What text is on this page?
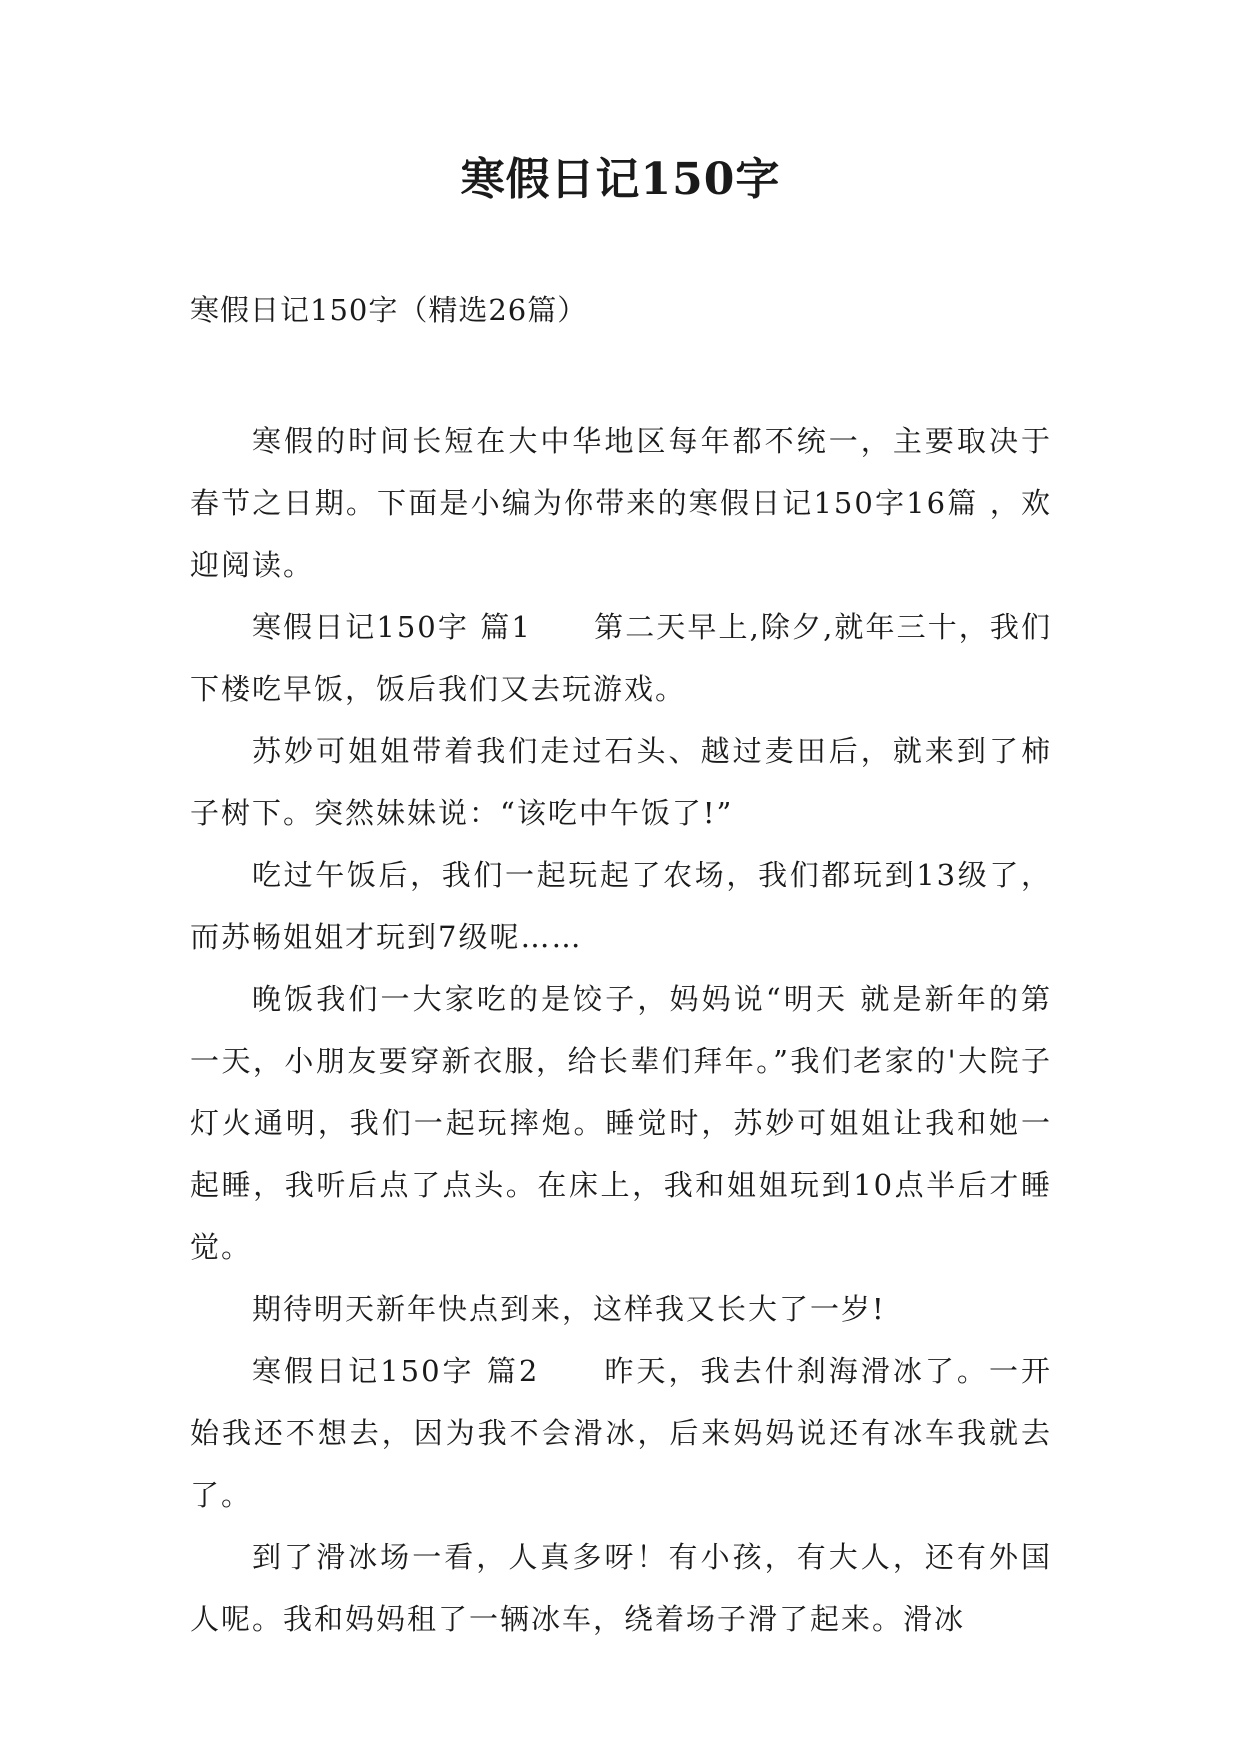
寒假日记150字

寒假日记150字（精选26篇）

寒假的时间长短在大中华地区每年都不统一，主要取决于春节之日期。下面是小编为你带来的寒假日记150字16篇 ，欢迎阅读。

寒假日记150字 篇1　　第二天早上,除夕,就年三十，我们下楼吃早饭，饭后我们又去玩游戏。

苏妙可姐姐带着我们走过石头、越过麦田后，就来到了柿子树下。突然妹妹说：“该吃中午饭了!”

吃过午饭后，我们一起玩起了农场，我们都玩到13级了，而苏畅姐姐才玩到7级呢……

晚饭我们一大家吃的是饺子，妈妈说“明天 就是新年的第一天，小朋友要穿新衣服，给长辈们拜年。”我们老家的'大院子灯火通明，我们一起玩摔炮。睡觉时，苏妙可姐姐让我和她一起睡，我听后点了点头。在床上，我和姐姐玩到10点半后才睡觉。

期待明天新年快点到来，这样我又长大了一岁!

寒假日记150字 篇2　　昨天，我去什刹海滑冰了。一开始我还不想去，因为我不会滑冰，后来妈妈说还有冰车我就去了。

到了滑冰场一看，人真多呀！有小孩，有大人，还有外国人呢。我和妈妈租了一辆冰车，绕着场子滑了起来。滑冰
